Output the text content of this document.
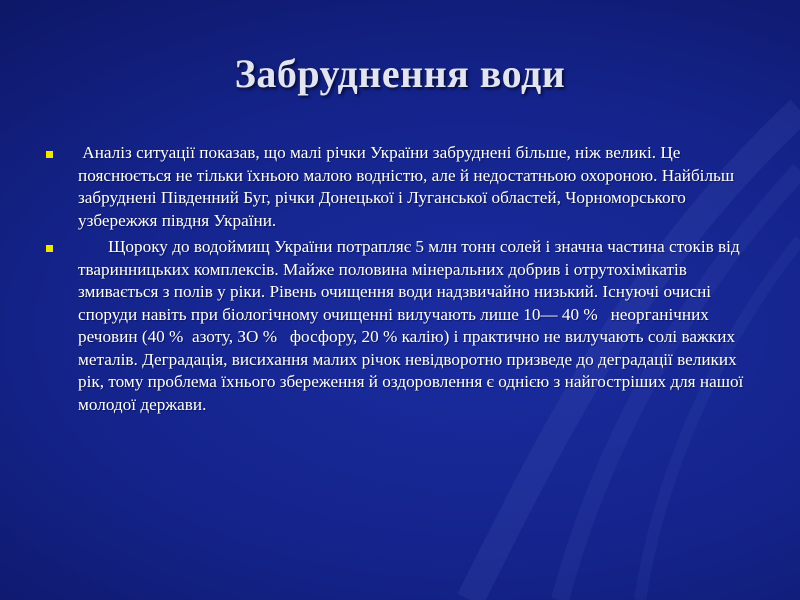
Забруднення води
Аналіз ситуації показав, що малі річки України забруднені більше, ніж великі. Це пояснюється не тільки їхньою малою водністю, але й недостатньою охороною. Найбільш забруднені Південний Буг, річки Донецької і Луганської областей, Чорноморського узбережжя півдня України.
Щороку до водоймищ України потрапляє 5 млн тонн солей і значна частина стоків від тваринницьких комплексів. Майже половина мінеральних добрив і отрутохімікатів змивається з полів у ріки. Рівень очищення води надзвичайно низький. Існуючі очисні споруди навіть при біологічному очищенні вилучають лише 10— 40 %   неорганічних речовин (40 %  азоту, ЗО %   фосфору, 20 % калію) і практично не вилучають солі важких металів. Деградація, висихання малих річок невідворотно призведе до деградації великих рік, тому проблема їхнього збереження й оздоровлення є однією з найгостріших для нашої молодої держави.
